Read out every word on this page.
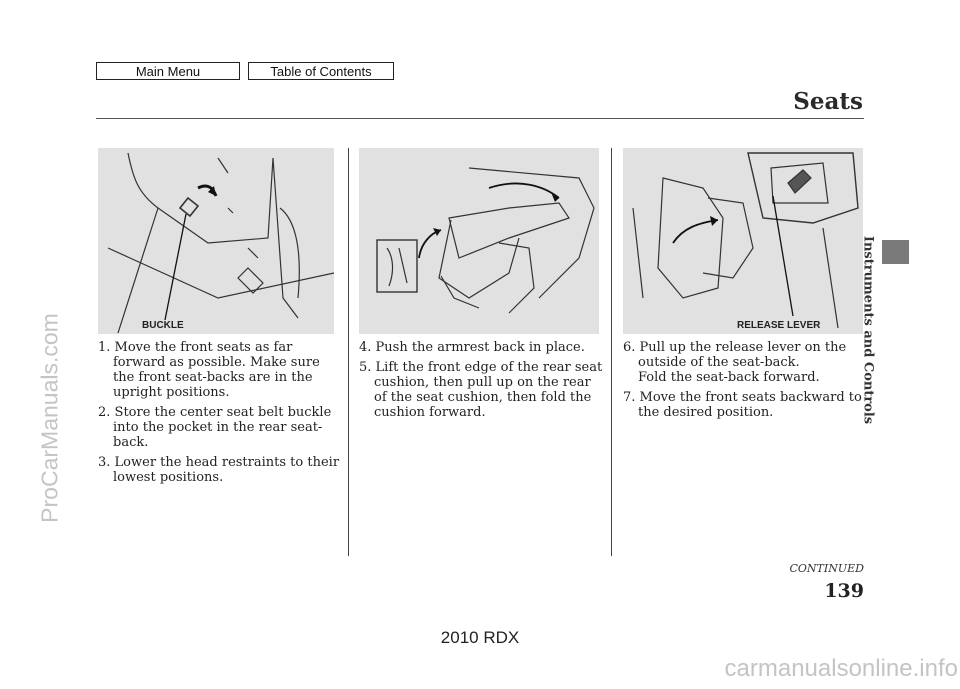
Main Menu	Table of Contents
Seats
BUCKLE	RELEASE LEVER
1. Move the front seats as far forward as possible. Make sure the front seat-backs are in the upright positions.
2. Store the center seat belt buckle into the pocket in the rear seat-back.
3. Lower the head restraints to their lowest positions.
4. Push the armrest back in place.
5. Lift the front edge of the rear seat cushion, then pull up on the rear of the seat cushion, then fold the cushion forward.
6. Pull up the release lever on the outside of the seat-back.
Fold the seat-back forward.
7. Move the front seats backward to the desired position.	Instruments and Controls
CONTINUED
139
2010 RDX
ProCarManuals.com
carmanualsonline.info
